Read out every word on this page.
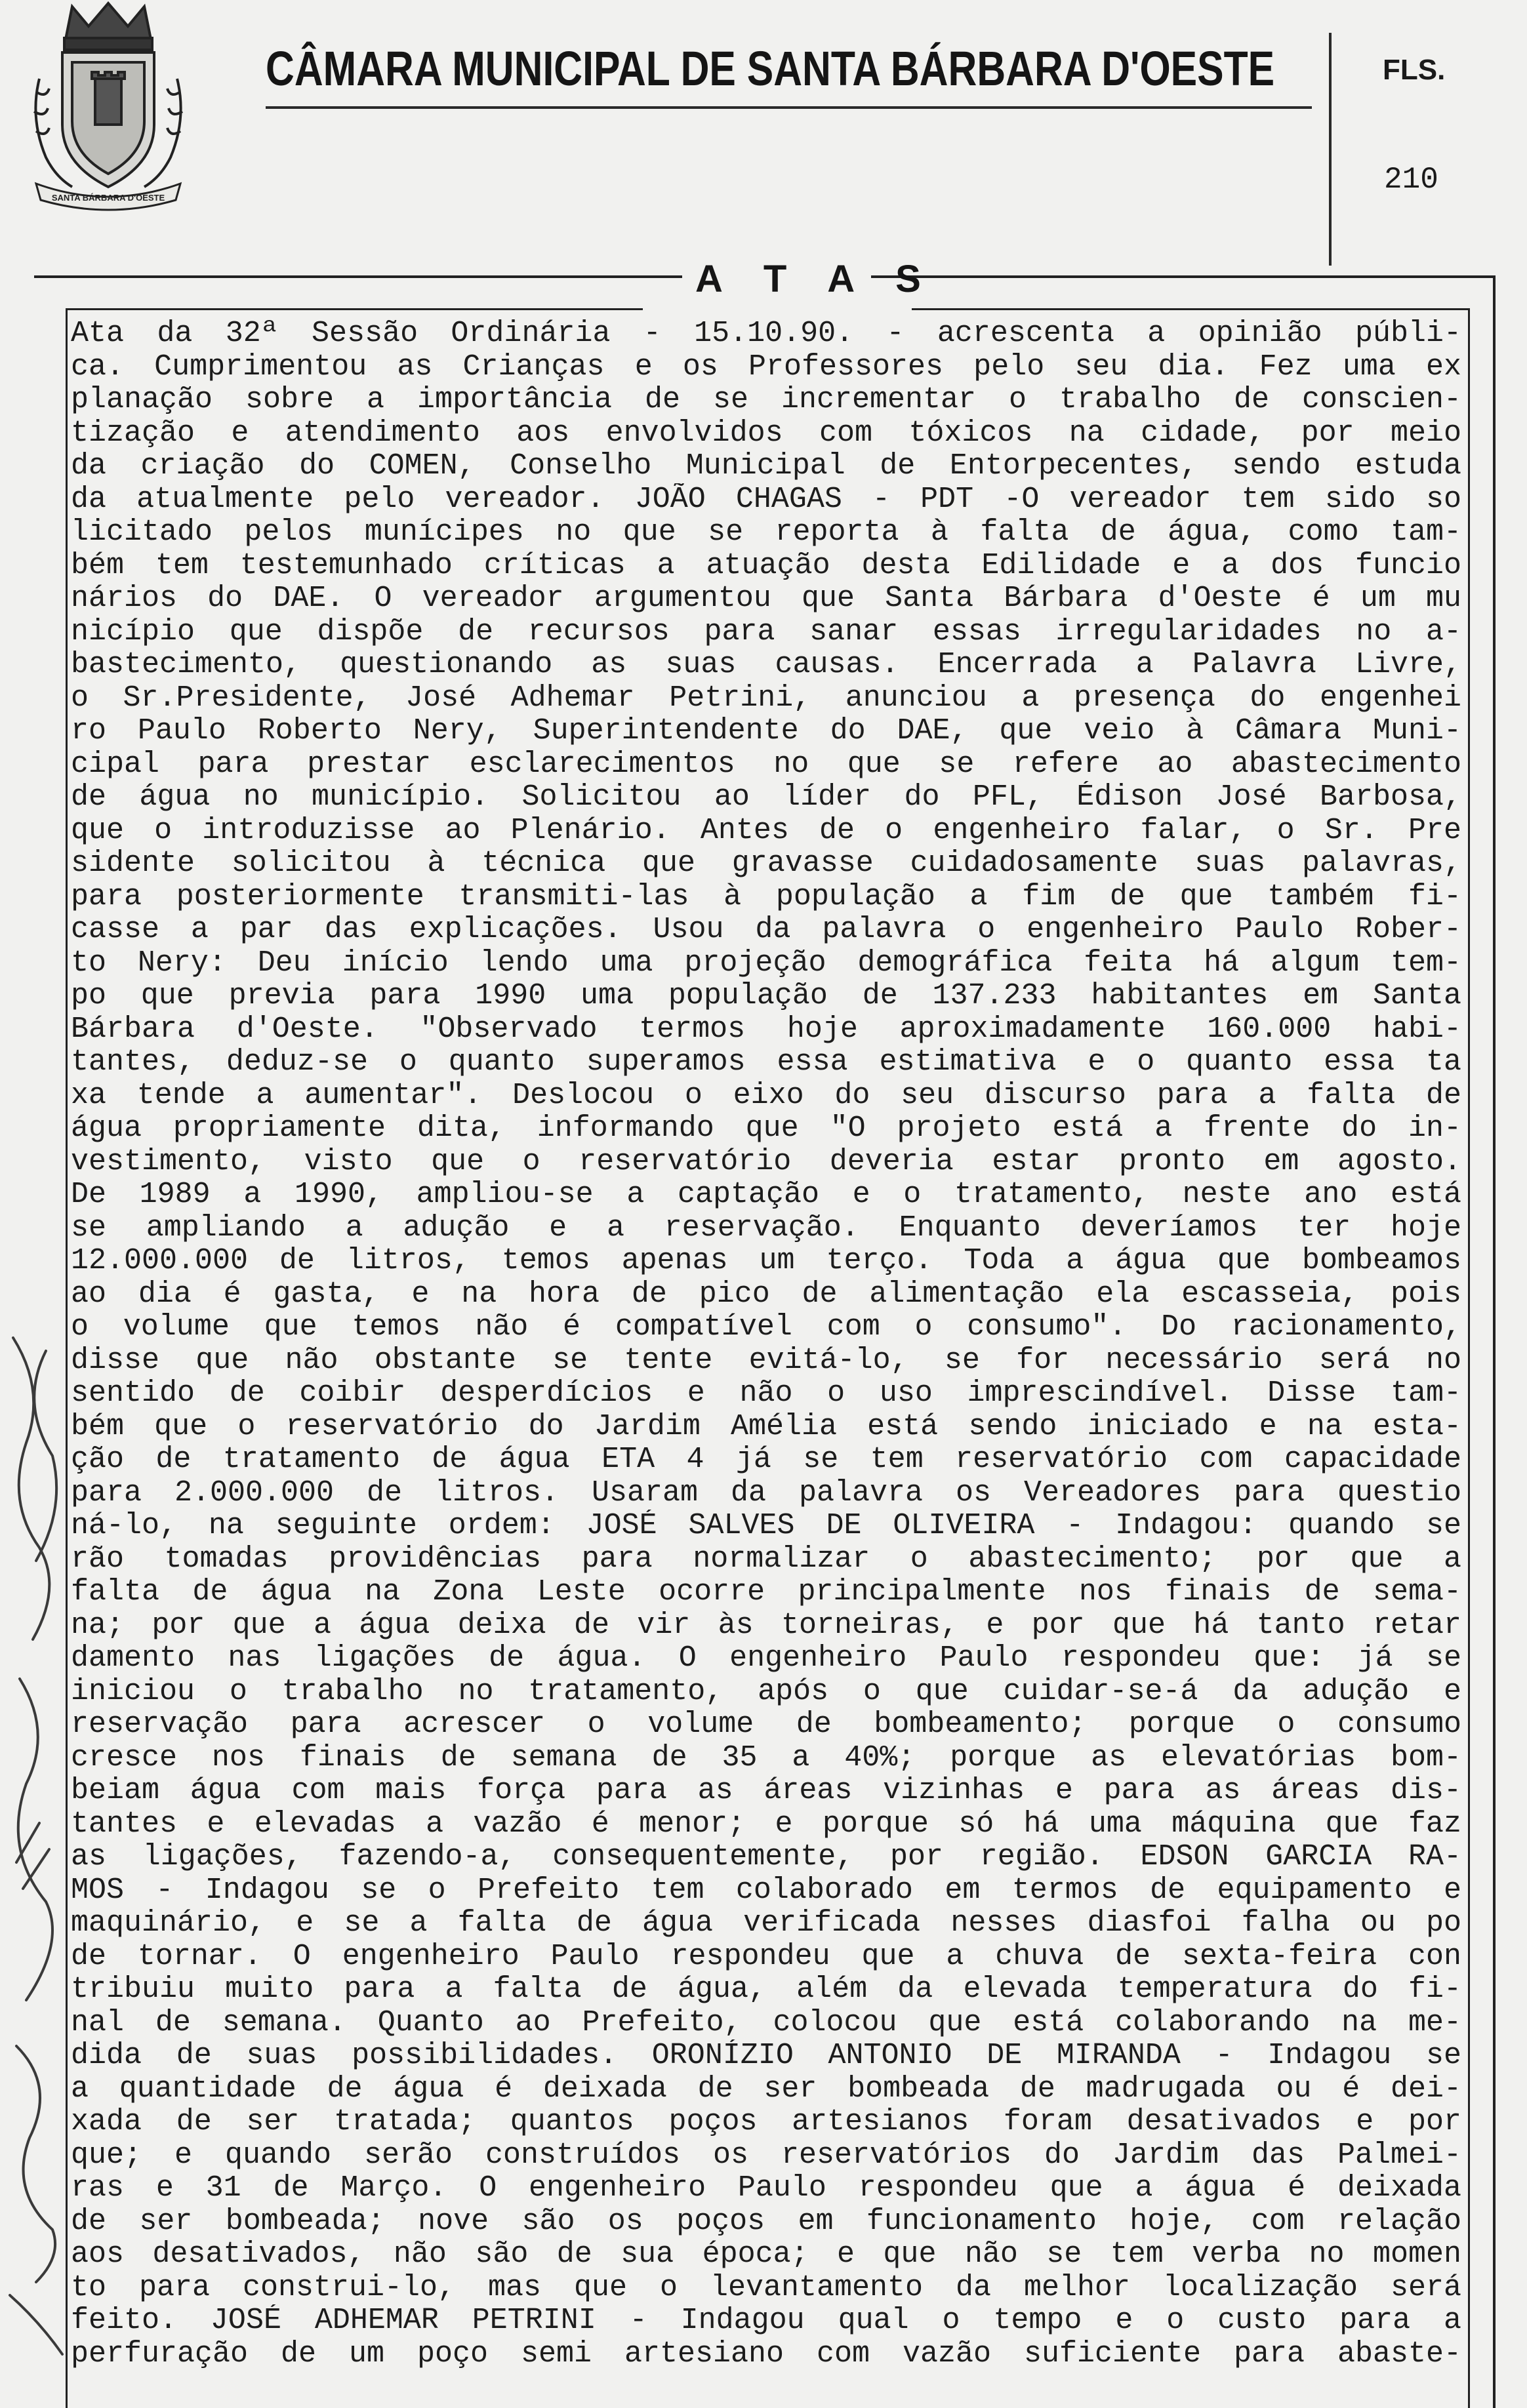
SANTA BÁRBARA D'OESTE
CÂMARA MUNICIPAL DE SANTA BÁRBARA D'OESTE	FLS.
210
A T A S
Ata da 32ª Sessão Ordinária - 15.10.90. - acrescenta a opinião públi-
ca. Cumprimentou as Crianças e os Professores pelo seu dia. Fez uma ex
planação sobre a importância de se incrementar o trabalho de conscien-
tização e atendimento aos envolvidos com tóxicos na cidade, por meio
da criação do COMEN, Conselho Municipal de Entorpecentes, sendo estuda
da atualmente pelo vereador. JOÃO CHAGAS - PDT -O vereador tem sido so
licitado pelos munícipes no que se reporta à falta de água, como tam-
bém tem testemunhado críticas a atuação desta Edilidade e a dos funcio
nários do DAE. O vereador argumentou que Santa Bárbara d'Oeste é um mu
nicípio que dispõe de recursos para sanar essas irregularidades no a-
bastecimento, questionando as suas causas. Encerrada a Palavra Livre,
o Sr.Presidente, José Adhemar Petrini, anunciou a presença do engenhei
ro Paulo Roberto Nery, Superintendente do DAE, que veio à Câmara Muni-
cipal para prestar esclarecimentos no que se refere ao abastecimento
de água no município. Solicitou ao líder do PFL, Édison José Barbosa,
que o introduzisse ao Plenário. Antes de o engenheiro falar, o Sr. Pre
sidente solicitou à técnica que gravasse cuidadosamente suas palavras,
para posteriormente transmiti-las à população a fim de que também fi-
casse a par das explicações. Usou da palavra o engenheiro Paulo Rober-
to Nery: Deu início lendo uma projeção demográfica feita há algum tem-
po que previa para 1990 uma população de 137.233 habitantes em Santa
Bárbara d'Oeste. "Observado termos hoje aproximadamente 160.000 habi-
tantes, deduz-se o quanto superamos essa estimativa e o quanto essa ta
xa tende a aumentar". Deslocou o eixo do seu discurso para a falta de
água propriamente dita, informando que "O projeto está a frente do in-
vestimento, visto que o reservatório deveria estar pronto em agosto.
De 1989 a 1990, ampliou-se a captação e o tratamento, neste ano está
se ampliando a adução e a reservação. Enquanto deveríamos ter hoje
12.000.000 de litros, temos apenas um terço. Toda a água que bombeamos
ao dia é gasta, e na hora de pico de alimentação ela escasseia, pois
o volume que temos não é compatível com o consumo". Do racionamento,
disse que não obstante se tente evitá-lo, se for necessário será no
sentido de coibir desperdícios e não o uso imprescindível. Disse tam-
bém que o reservatório do Jardim Amélia está sendo iniciado e na esta-
ção de tratamento de água ETA 4 já se tem reservatório com capacidade
para 2.000.000 de litros. Usaram da palavra os Vereadores para questio
ná-lo, na seguinte ordem: JOSÉ SALVES DE OLIVEIRA - Indagou: quando se
rão tomadas providências para normalizar o abastecimento; por que a
falta de água na Zona Leste ocorre principalmente nos finais de sema-
na; por que a água deixa de vir às torneiras, e por que há tanto retar
damento nas ligações de água. O engenheiro Paulo respondeu que: já se
iniciou o trabalho no tratamento, após o que cuidar-se-á da adução e
reservação para acrescer o volume de bombeamento; porque o consumo
cresce nos finais de semana de 35 a 40%; porque as elevatórias bom-
beiam água com mais força para as áreas vizinhas e para as áreas dis-
tantes e elevadas a vazão é menor; e porque só há uma máquina que faz
as ligações, fazendo-a, consequentemente, por região. EDSON GARCIA RA-
MOS - Indagou se o Prefeito tem colaborado em termos de equipamento e
maquinário, e se a falta de água verificada nesses diasfoi falha ou po
de tornar. O engenheiro Paulo respondeu que a chuva de sexta-feira con
tribuiu muito para a falta de água, além da elevada temperatura do fi-
nal de semana. Quanto ao Prefeito, colocou que está colaborando na me-
dida de suas possibilidades. ORONÍZIO ANTONIO DE MIRANDA - Indagou se
a quantidade de água é deixada de ser bombeada de madrugada ou é dei-
xada de ser tratada; quantos poços artesianos foram desativados e por
que; e quando serão construídos os reservatórios do Jardim das Palmei-
ras e 31 de Março. O engenheiro Paulo respondeu que a água é deixada
de ser bombeada; nove são os poços em funcionamento hoje, com relação
aos desativados, não são de sua época; e que não se tem verba no momen
to para construi-lo, mas que o levantamento da melhor localização será
feito. JOSÉ ADHEMAR PETRINI - Indagou qual o tempo e o custo para a
perfuração de um poço semi artesiano com vazão suficiente para abaste-
